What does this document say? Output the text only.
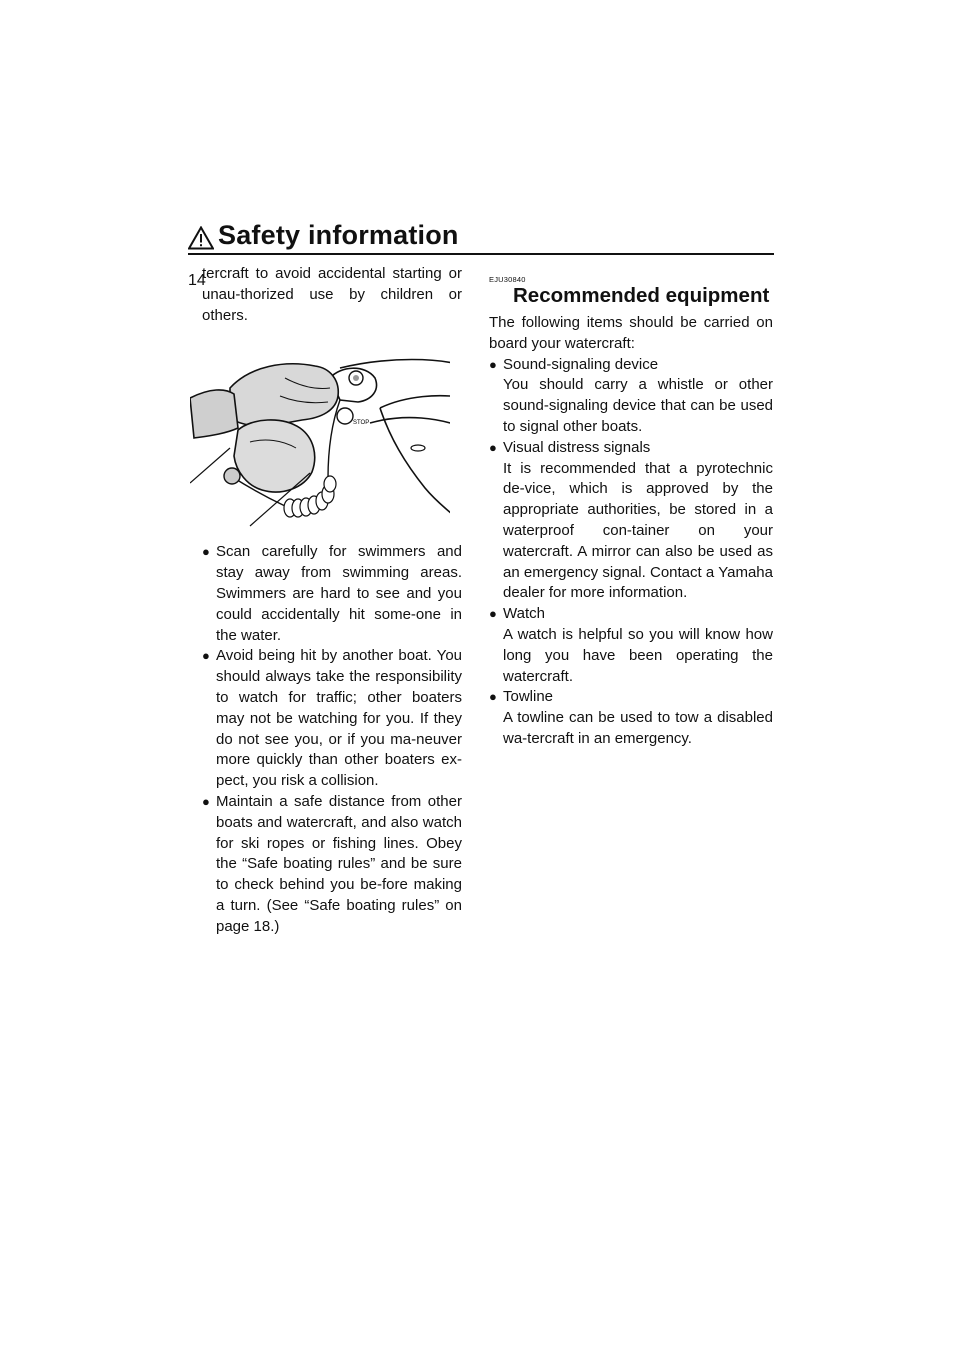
Safety information
14

tercraft to avoid accidental starting or unau-thorized use by children or others.

STOP
● Scan carefully for swimmers and stay away from swimming areas. Swimmers are hard to see and you could accidentally hit some-one in the water.
● Avoid being hit by another boat. You should always take the responsibility to watch for traffic; other boaters may not be watching for you. If they do not see you, or if you ma-neuver more quickly than other boaters ex-pect, you risk a collision.
● Maintain a safe distance from other boats and watercraft, and also watch for ski ropes or fishing lines. Obey the “Safe boating rules” and be sure to check behind you be-fore making a turn. (See “Safe boating rules” on page 18.)

EJU30840

Recommended equipment

The following items should be carried on board your watercraft:

● Sound-signaling device
You should carry a whistle or other sound-signaling device that can be used to signal other boats.
● Visual distress signals
It is recommended that a pyrotechnic de-vice, which is approved by the appropriate authorities, be stored in a waterproof con-tainer on your watercraft. A mirror can also be used as an emergency signal. Contact a Yamaha dealer for more information.
● Watch
A watch is helpful so you will know how long you have been operating the watercraft.
● Towline
A towline can be used to tow a disabled wa-tercraft in an emergency.
